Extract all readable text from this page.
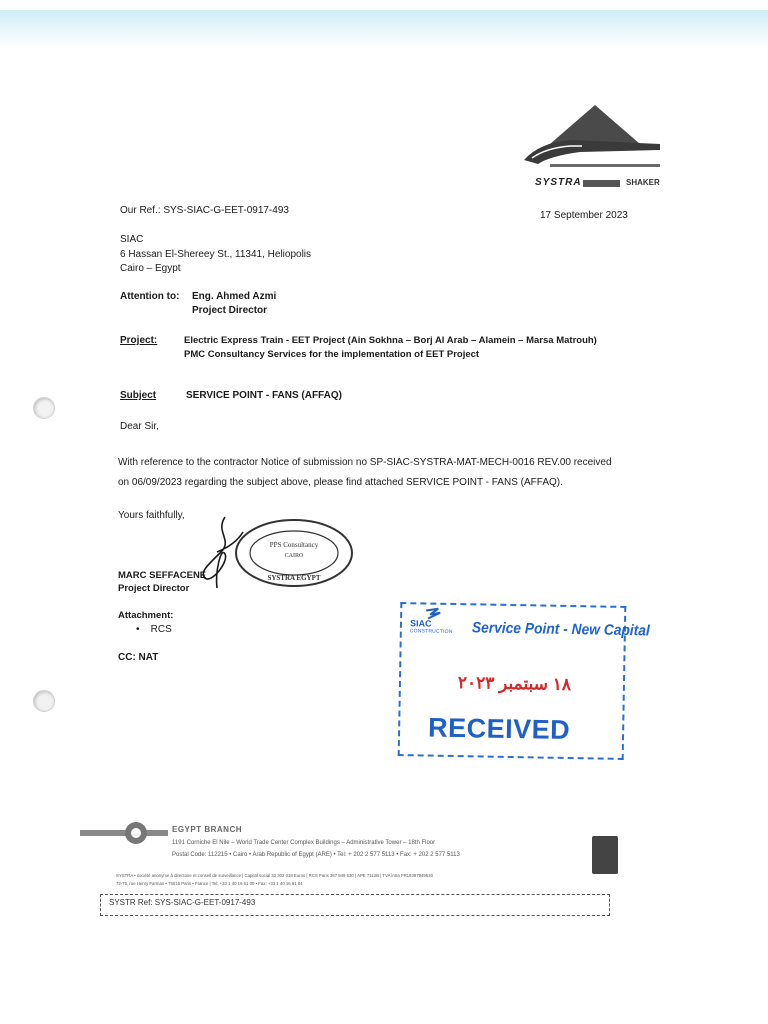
SYSTRA	SHAKER
Our Ref.: SYS-SIAC-G-EET-0917-493	17 September 2023
SIAC
6 Hassan El-Shereey St., 11341, Heliopolis
Cairo – Egypt
Attention to: Eng. Ahmed Azmi
Project Director
Project:	Electric Express Train - EET Project (Ain Sokhna – Borj Al Arab – Alamein – Marsa Matrouh)
PMC Consultancy Services for the implementation of EET Project
Subject	SERVICE POINT - FANS (AFFAQ)
Dear Sir,
With reference to the contractor Notice of submission no SP-SIAC-SYSTRA-MAT-MECH-0016 REV.00 received
on 06/09/2023 regarding the subject above, please find attached SERVICE POINT - FANS (AFFAQ).
Yours faithfully,
PPS Consultancy
CAIRO
SYSTRA EGYPT
MARC SEFFACENE
Project Director
Attachment:
•    RCS
CC: NAT
SIAC
CONSTRUCTION Service Point - New Capital
١٨ سبتمبر ٢٠٢٣
RECEIVED
EGYPT BRANCH
1191 Corniche El Nile – World Trade Center Complex Buildings – Administrative Tower – 18th Floor
Postal Code: 112215 • Cairo • Arab Republic of Egypt (ARE) • Tel: + 202 2 577 5113 • Fax: + 202 2 577 5113
SYSTRA • société anonyme à directoire et conseil de surveillance | Capital social 33 302 018 Euros | RCS Paris 387 949 530 | APE 7112B | TVA intra FR19387949530
72-76, rue Henry Farman • 75015 Paris • France | Tel: +33 1 40 16 61 00 • Fax: +33 1 40 16 61 04
SYSTR Ref: SYS-SIAC-G-EET-0917-493
